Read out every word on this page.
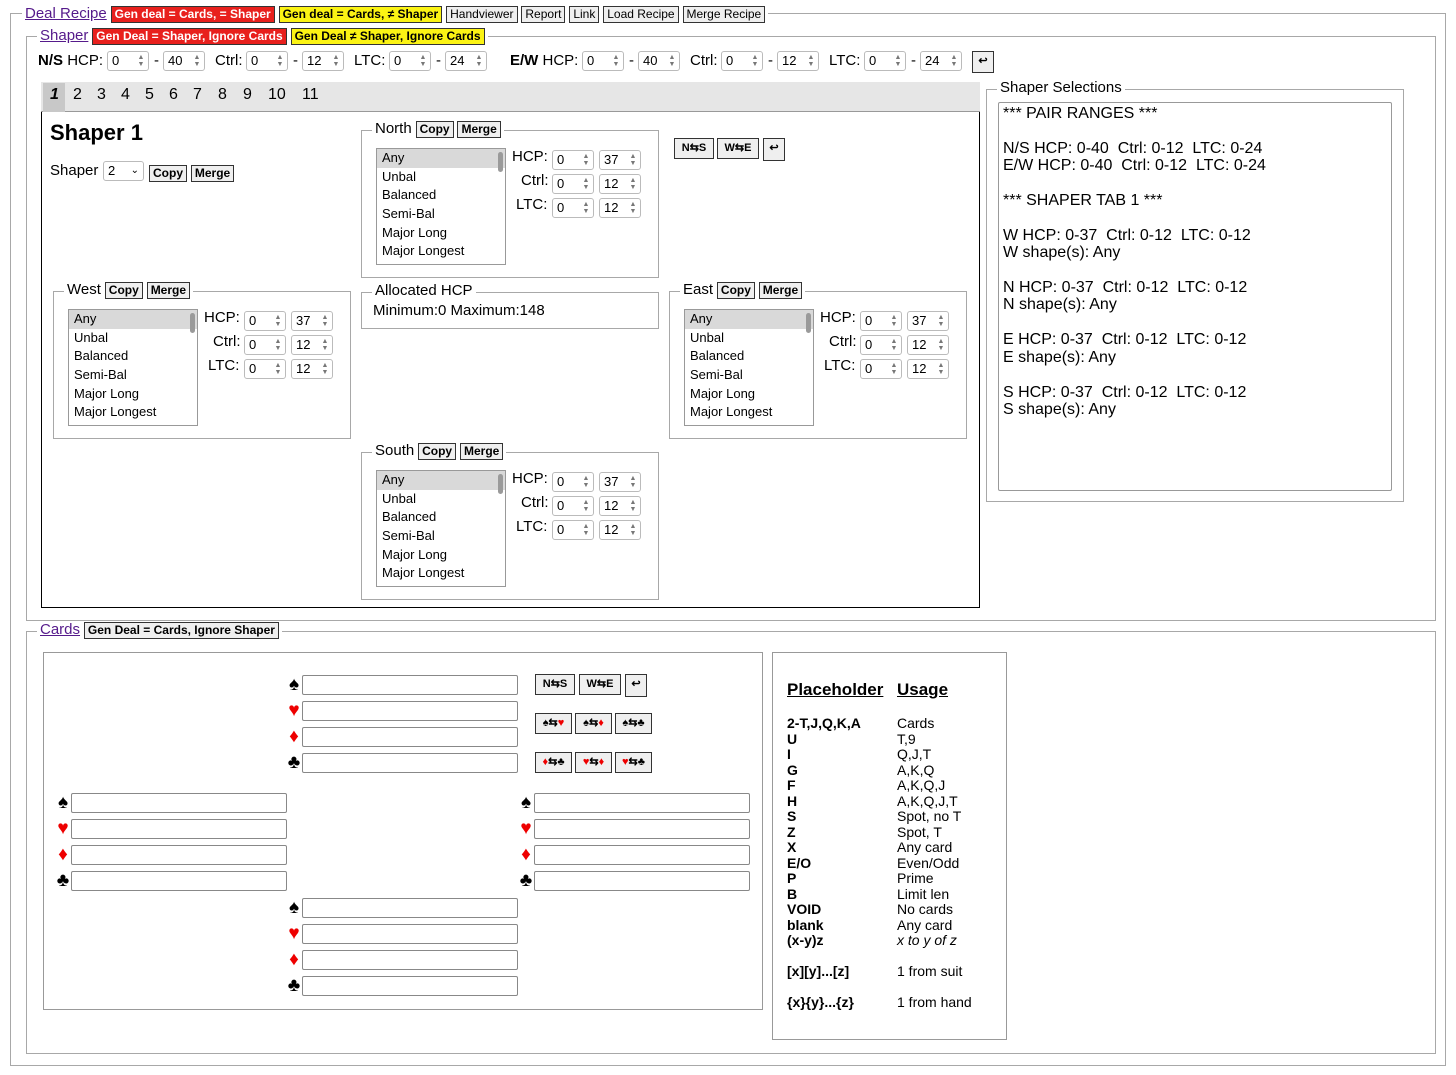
Deal Recipe Gen deal = Cards, = Shaper Gen deal = Cards, ≠ Shaper Handviewer Report Link Load Recipe Merge Recipe
Shaper Gen Deal = Shaper, Ignore Cards Gen Deal ≠ Shaper, Ignore Cards
N/S HCP: 0	▲
▼ - 40 ▲
▼ Ctrl: 0	▲
▼ - 12 ▲
▼ LTC: 0	▲
▼ - 24 ▲
▼ E/W HCP: 0	▲
▼ - 40 ▲
▼ Ctrl: 0	▲
▼ - 12 ▲
▼ LTC: 0	▲
▼ - 24 ▲
▼	↩
1 2 3 4 5 6 7 8 9 10 11
Shaper 1
Shaper 2 ⌄	Copy Merge
North Copy Merge
Any
Unbal
Balanced
Semi-Bal
Major Long
Major Longest
HCP: 0	▲
▼	37 ▲
▼
Ctrl: 0	▲
▼	12 ▲
▼
LTC: 0	▲
▼	12 ▲
▼
West Copy Merge
Any
Unbal
Balanced
Semi-Bal
Major Long
Major Longest
HCP: 0	▲
▼	37 ▲
▼
Ctrl: 0	▲
▼	12 ▲
▼
LTC: 0	▲
▼	12 ▲
▼
East Copy Merge
Any
Unbal
Balanced
Semi-Bal
Major Long
Major Longest
HCP: 0	▲
▼	37 ▲
▼
Ctrl: 0	▲
▼	12 ▲
▼
LTC: 0	▲
▼	12 ▲
▼
South Copy Merge
Any
Unbal
Balanced
Semi-Bal
Major Long
Major Longest
HCP: 0	▲
▼	37 ▲
▼
Ctrl: 0	▲
▼	12 ▲
▼
LTC: 0	▲
▼	12 ▲
▼
N⇆S	W⇆E	↩
Allocated HCP
Minimum:0 Maximum:148
Shaper Selections
*** PAIR RANGES ***

N/S HCP: 0-40  Ctrl: 0-12  LTC: 0-24
E/W HCP: 0-40  Ctrl: 0-12  LTC: 0-24

*** SHAPER TAB 1 ***

W HCP: 0-37  Ctrl: 0-12  LTC: 0-12
W shape(s): Any

N HCP: 0-37  Ctrl: 0-12  LTC: 0-12
N shape(s): Any

E HCP: 0-37  Ctrl: 0-12  LTC: 0-12
E shape(s): Any

S HCP: 0-37  Ctrl: 0-12  LTC: 0-12
S shape(s): Any
Cards Gen Deal = Cards, Ignore Shaper
♠
♥
♦
♣
♠
♥
♦
♣
♠
♥
♦
♣
♠
♥
♦
♣
N⇆S	W⇆E	↩
♠⇆♥	♠⇆♦	♠⇆♣
♦⇆♣	♥⇆♦	♥⇆♣
Placeholder Usage
2-T,J,Q,K,A	Cards
U	T,9
I	Q,J,T
G	A,K,Q
F	A,K,Q,J
H	A,K,Q,J,T
S	Spot, no T
Z	Spot, T
X	Any card
E/O	Even/Odd
P	Prime
B	Limit len
VOID	No cards
blank	Any card
(x-y)z	x to y of z
[x][y]...[z]	1 from suit
{x}{y}...{z}	1 from hand
